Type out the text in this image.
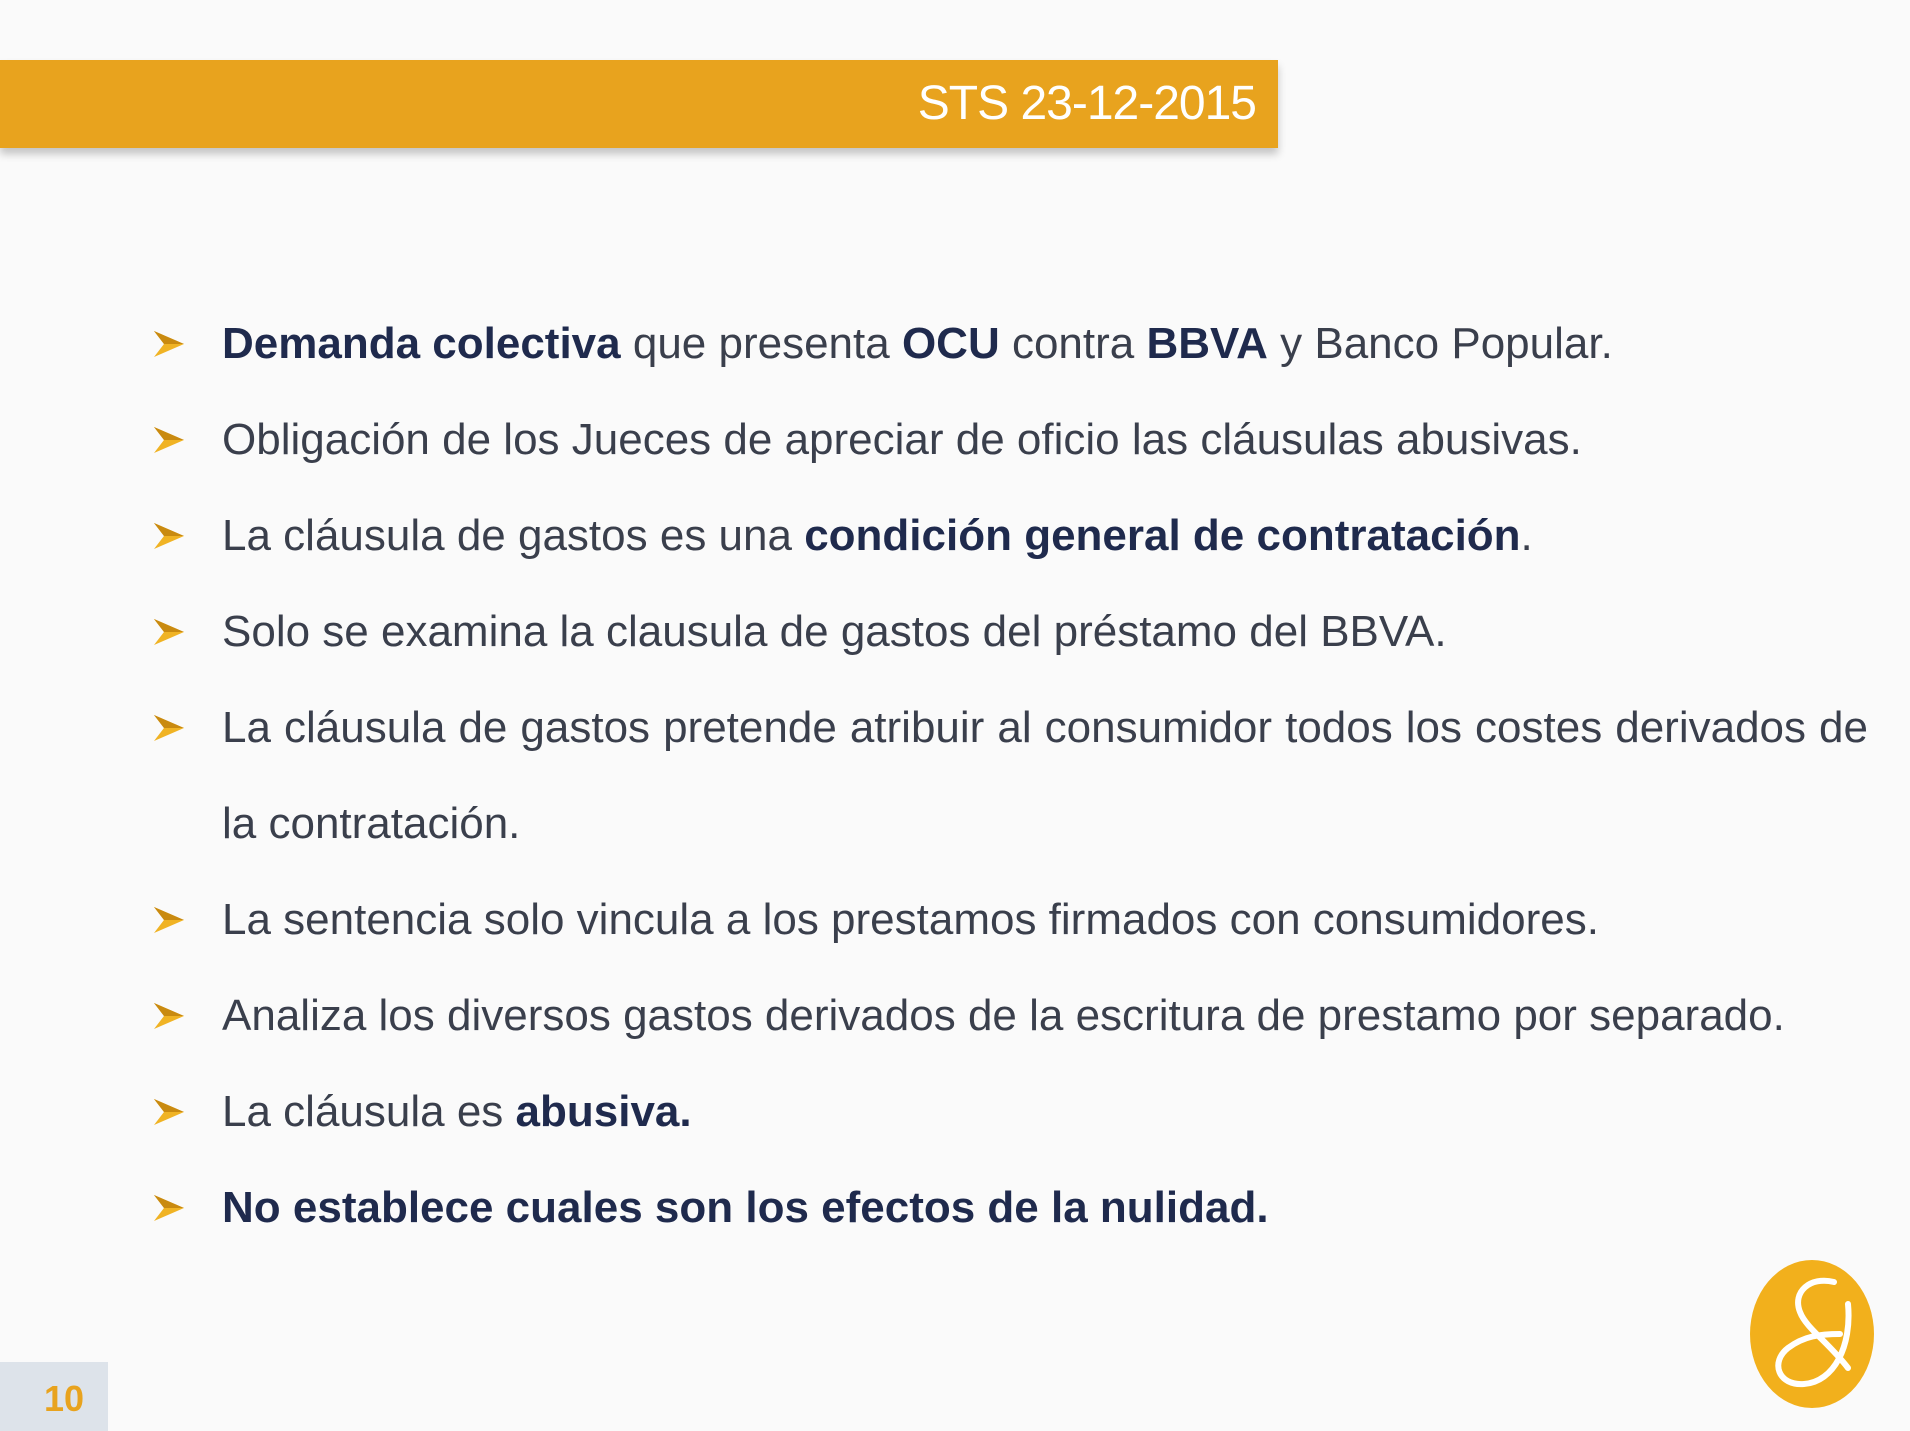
STS 23-12-2015
Demanda colectiva que presenta OCU contra BBVA y Banco Popular.
Obligación de los Jueces de apreciar de oficio las cláusulas abusivas.
La cláusula de gastos es una condición general de contratación.
Solo se examina la clausula de gastos del préstamo del BBVA.
La cláusula de gastos pretende atribuir al consumidor todos los costes derivados de la contratación.
La sentencia solo vincula a los prestamos firmados con consumidores.
Analiza los diversos gastos derivados de la escritura de prestamo por separado.
La cláusula es abusiva.
No establece cuales son los efectos de la nulidad.
10
